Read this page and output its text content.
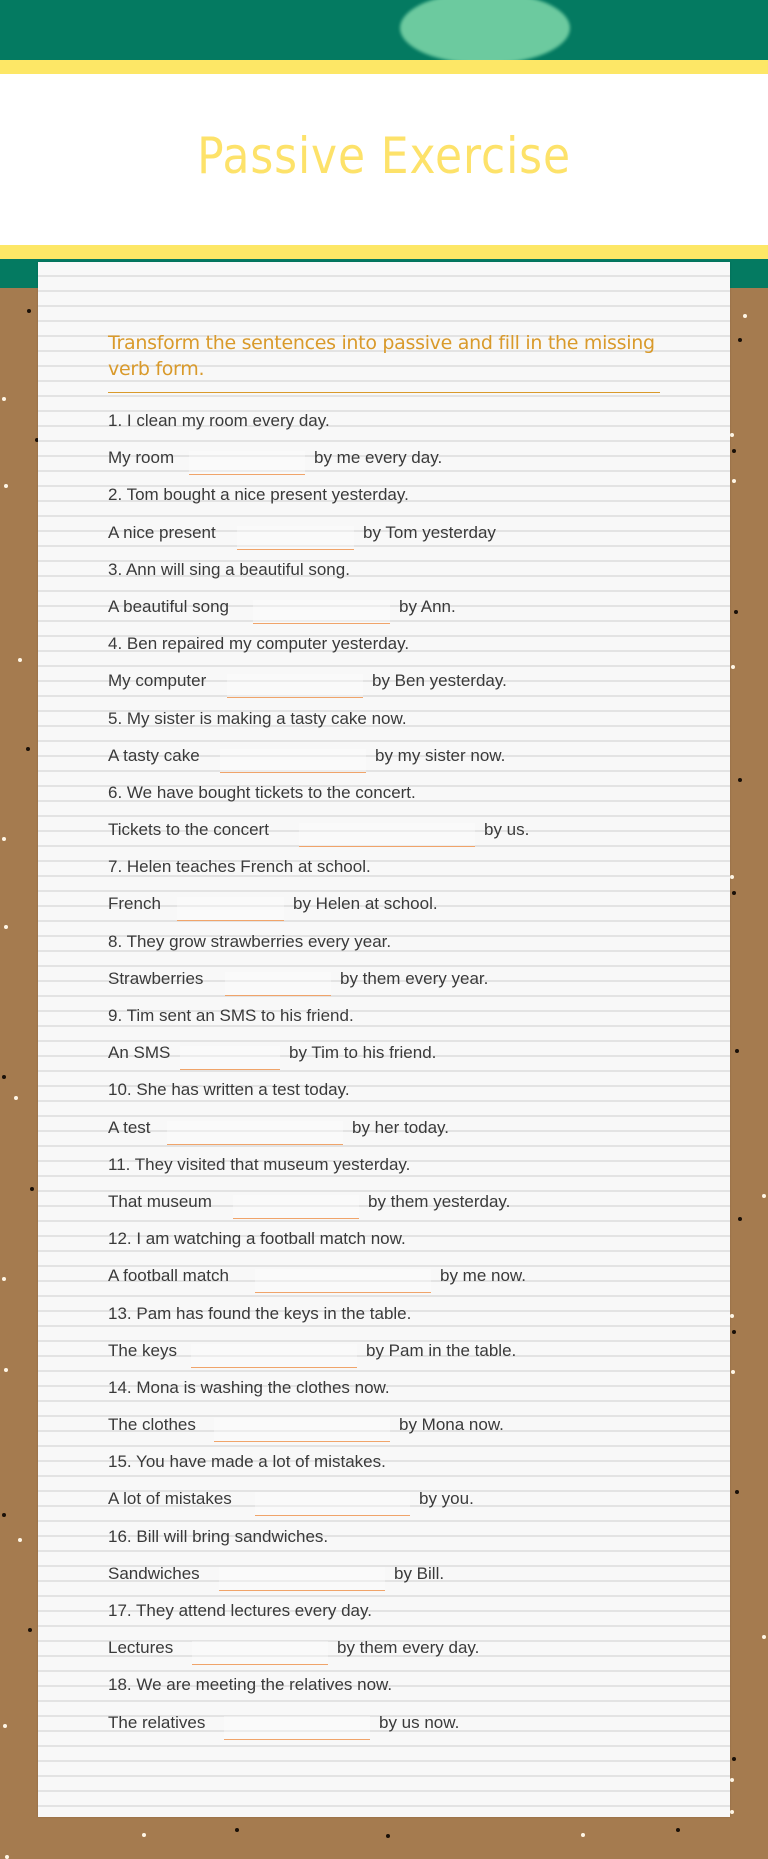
Passive Exercise

Transform the sentences into passive and fill in the missing verb form.

1. I clean my room every day.
My room	by me every day.
2. Tom bought a nice present yesterday.
A nice present	by Tom yesterday
3. Ann will sing a beautiful song.
A beautiful song	by Ann.
4. Ben repaired my computer yesterday.
My computer	by Ben yesterday.
5. My sister is making a tasty cake now.
A tasty cake	by my sister now.
6. We have bought tickets to the concert.
Tickets to the concert	by us.
7. Helen teaches French at school.
French	by Helen at school.
8. They grow strawberries every year.
Strawberries	by them every year.
9. Tim sent an SMS to his friend.
An SMS	by Tim to his friend.
10. She has written a test today.
A test	by her today.
11. They visited that museum yesterday.
That museum	by them yesterday.
12. I am watching a football match now.
A football match	by me now.
13. Pam has found the keys in the table.
The keys	by Pam in the table.
14. Mona is washing the clothes now.
The clothes	by Mona now.
15. You have made a lot of mistakes.
A lot of mistakes	by you.
16. Bill will bring sandwiches.
Sandwiches	by Bill.
17. They attend lectures every day.
Lectures	by them every day.
18. We are meeting the relatives now.
The relatives	by us now.
